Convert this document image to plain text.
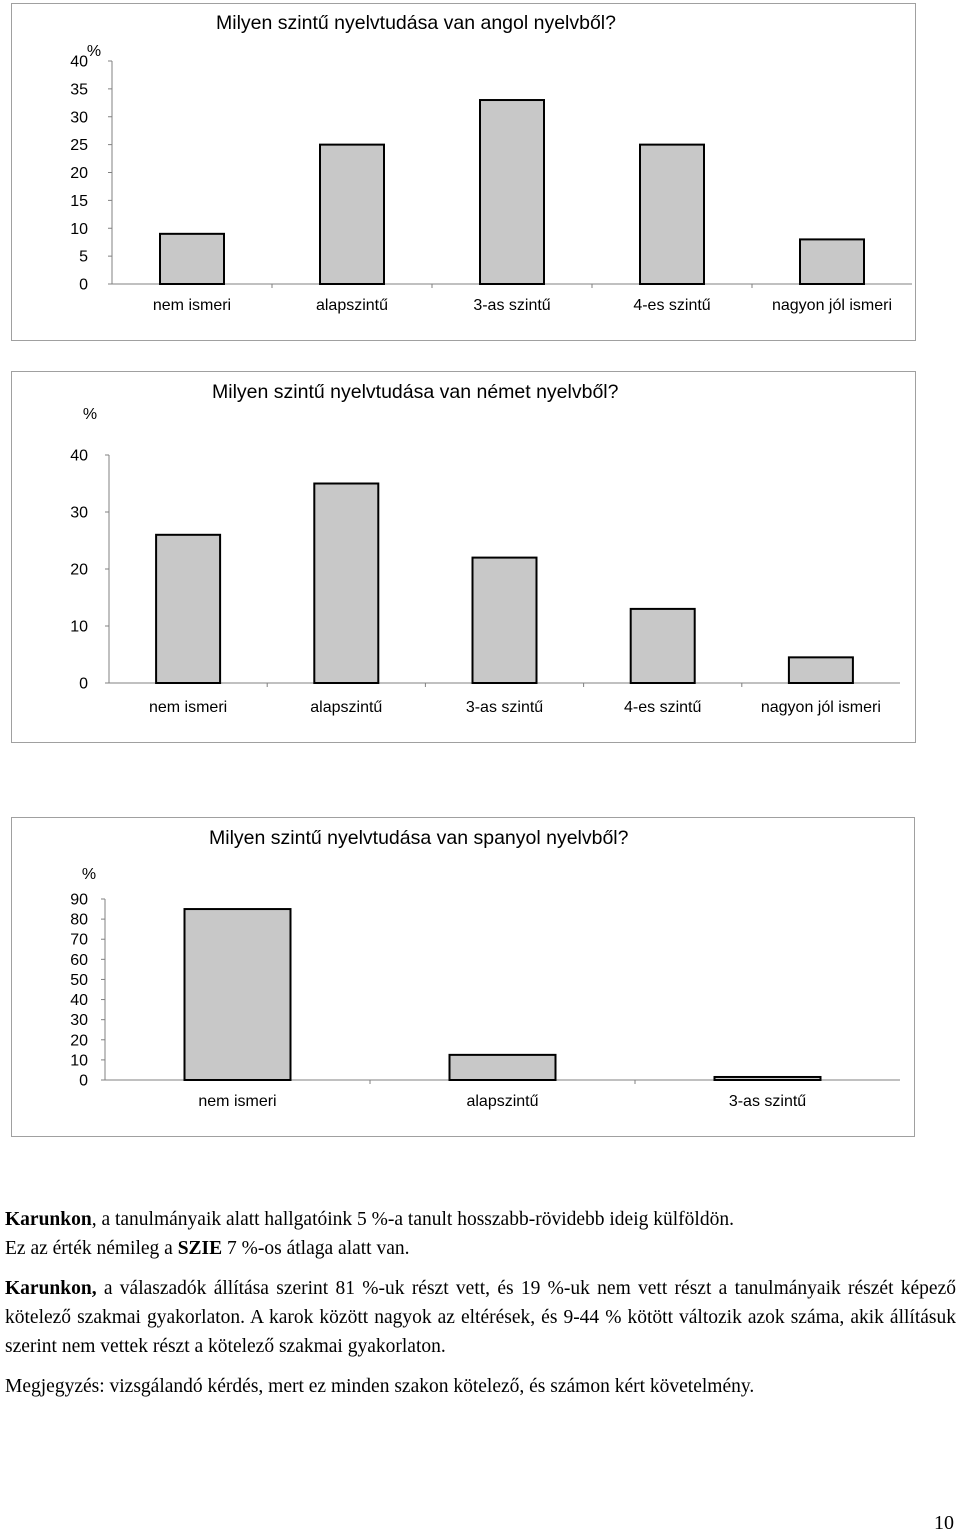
Milyen szintű nyelvtudása van angol nyelvből?
%
40
35
30
25
20
15
10
5
0
nem ismeri	alapszintű	3-as szintű	4-es szintű	nagyon jól ismeri
Milyen szintű nyelvtudása van német nyelvből?
%
40
30
20
10
0
nem ismeri	alapszintű	3-as szintű	4-es szintű	nagyon jól ismeri
Milyen szintű nyelvtudása van spanyol nyelvből?
%
90
80
70
60
50
40
30
20
10
0
nem ismeri	alapszintű	3-as szintű

Karunkon, a tanulmányaik alatt hallgatóink 5 %-a tanult hosszabb-rövidebb ideig külföldön.

Ez az érték némileg a SZIE 7 %-os átlaga alatt van.

Karunkon, a válaszadók állítása szerint 81 %-uk részt vett, és 19 %-uk nem vett részt a tanulmányaik részét képező kötelező szakmai gyakorlaton. A karok között nagyok az eltérések, és 9-44 % kötött változik azok száma, akik állításuk szerint nem vettek részt a kötelező szakmai gyakorlaton.

Megjegyzés: vizsgálandó kérdés, mert ez minden szakon kötelező, és számon kért követelmény.

10
